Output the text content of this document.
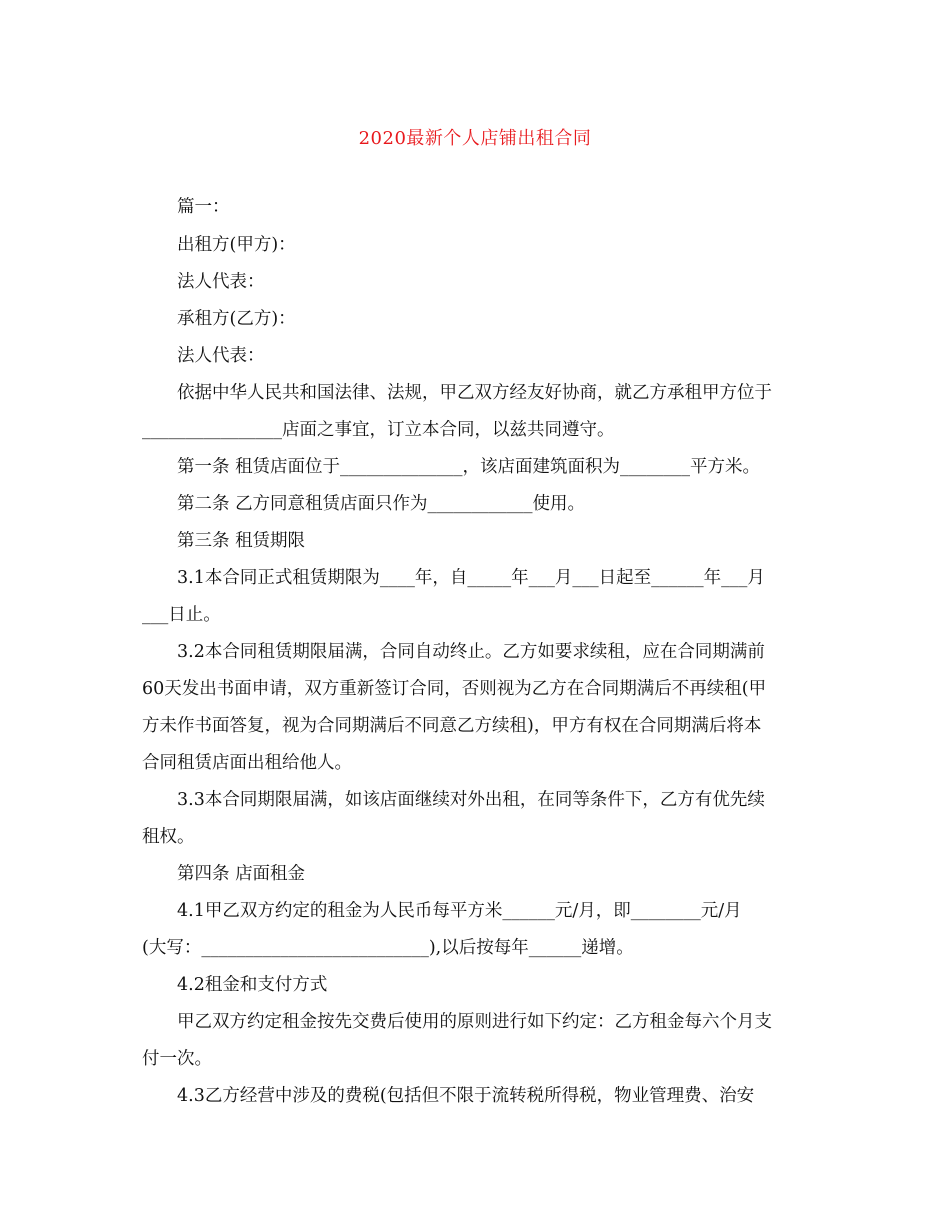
2020最新个人店铺出租合同
篇一：
出租方(甲方)：
法人代表：
承租方(乙方)：
法人代表：
依据中华人民共和国法律、法规，甲乙双方经友好协商，就乙方承租甲方位于
________________店面之事宜，订立本合同，以兹共同遵守。
第一条 租赁店面位于______________，该店面建筑面积为________平方米。
第二条 乙方同意租赁店面只作为____________使用。
第三条 租赁期限
3.1本合同正式租赁期限为____年，自_____年___月___日起至______年___月
___日止。
3.2本合同租赁期限届满，合同自动终止。乙方如要求续租，应在合同期满前
60天发出书面申请，双方重新签订合同，否则视为乙方在合同期满后不再续租(甲
方未作书面答复，视为合同期满后不同意乙方续租)，甲方有权在合同期满后将本
合同租赁店面出租给他人。
3.3本合同期限届满，如该店面继续对外出租，在同等条件下，乙方有优先续
租权。
第四条 店面租金
4.1甲乙双方约定的租金为人民币每平方米______元/月，即________元/月
(大写：__________________________),以后按每年______递增。
4.2租金和支付方式
甲乙双方约定租金按先交费后使用的原则进行如下约定：乙方租金每六个月支
付一次。
4.3乙方经营中涉及的费税(包括但不限于流转税所得税，物业管理费、治安
